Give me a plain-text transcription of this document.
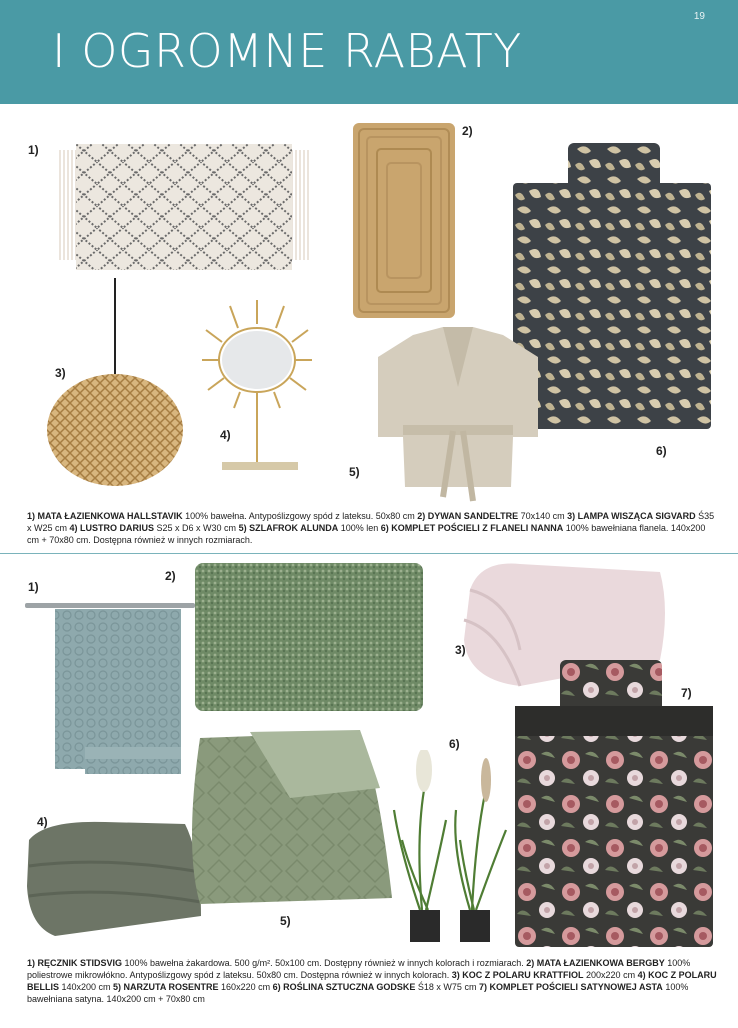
I OGROMNE RABATY
19
1)
2)
3)
4)
5)
6)
1) MATA ŁAZIENKOWA HALLSTAVIK 100% bawełna. Antypoślizgowy spód z lateksu. 50x80 cm 2) DYWAN SANDELTRE 70x140 cm 3) LAMPA WISZĄCA SIGVARD Ś35 x W25 cm 4) LUSTRO DARIUS S25 x D6 x W30 cm 5) SZLAFROK ALUNDA 100% len 6) KOMPLET POŚCIELI Z FLANELI NANNA 100% bawełniana flanela. 140x200 cm + 70x80 cm. Dostępna również w innych rozmiarach.
1)
2)
3)
4)
5)
6)
7)
1) RĘCZNIK STIDSVIG 100% bawełna żakardowa. 500 g/m². 50x100 cm. Dostępny również w innych kolorach i rozmiarach. 2) MATA ŁAZIENKOWA BERGBY 100% poliestrowe mikrowłókno. Antypoślizgowy spód z lateksu. 50x80 cm. Dostępna również w innych kolorach. 3) KOC Z POLARU KRATTFIOL 200x220 cm 4) KOC Z POLARU BELLIS 140x200 cm 5) NARZUTA ROSENTRE 160x220 cm 6) ROŚLINA SZTUCZNA GODSKE Ś18 x W75 cm 7) KOMPLET POŚCIELI SATYNOWEJ ASTA 100% bawełniana satyna. 140x200 cm + 70x80 cm
